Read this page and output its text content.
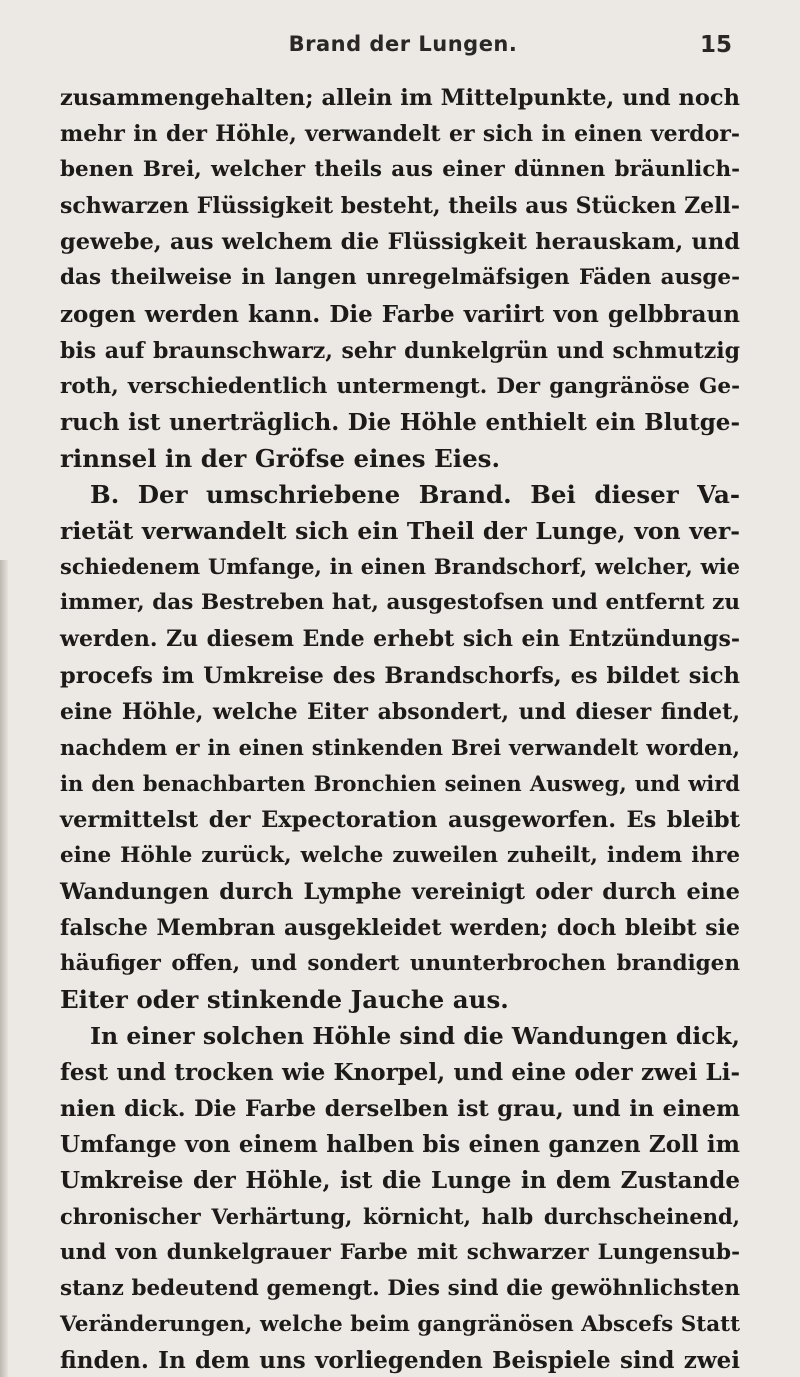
Brand der Lungen.	15
zusammengehalten; allein im Mittelpunkte, und noch
mehr in der Höhle, verwandelt er sich in einen verdor-
benen Brei, welcher theils aus einer dünnen bräunlich-
schwarzen Flüssigkeit besteht, theils aus Stücken Zell-
gewebe, aus welchem die Flüssigkeit herauskam, und
das theilweise in langen unregelmäfsigen Fäden ausge-
zogen werden kann. Die Farbe variirt von gelbbraun
bis auf braunschwarz, sehr dunkelgrün und schmutzig
roth, verschiedentlich untermengt. Der gangränöse Ge-
ruch ist unerträglich. Die Höhle enthielt ein Blutge-
rinnsel in der Gröfse eines Eies.
B. Der umschriebene Brand. Bei dieser Va-
rietät verwandelt sich ein Theil der Lunge, von ver-
schiedenem Umfange, in einen Brandschorf, welcher, wie
immer, das Bestreben hat, ausgestofsen und entfernt zu
werden. Zu diesem Ende erhebt sich ein Entzündungs-
procefs im Umkreise des Brandschorfs, es bildet sich
eine Höhle, welche Eiter absondert, und dieser findet,
nachdem er in einen stinkenden Brei verwandelt worden,
in den benachbarten Bronchien seinen Ausweg, und wird
vermittelst der Expectoration ausgeworfen. Es bleibt
eine Höhle zurück, welche zuweilen zuheilt, indem ihre
Wandungen durch Lymphe vereinigt oder durch eine
falsche Membran ausgekleidet werden; doch bleibt sie
häufiger offen, und sondert ununterbrochen brandigen
Eiter oder stinkende Jauche aus.
In einer solchen Höhle sind die Wandungen dick,
fest und trocken wie Knorpel, und eine oder zwei Li-
nien dick. Die Farbe derselben ist grau, und in einem
Umfange von einem halben bis einen ganzen Zoll im
Umkreise der Höhle, ist die Lunge in dem Zustande
chronischer Verhärtung, körnicht, halb durchscheinend,
und von dunkelgrauer Farbe mit schwarzer Lungensub-
stanz bedeutend gemengt. Dies sind die gewöhnlichsten
Veränderungen, welche beim gangränösen Abscefs Statt
finden. In dem uns vorliegenden Beispiele sind zwei
